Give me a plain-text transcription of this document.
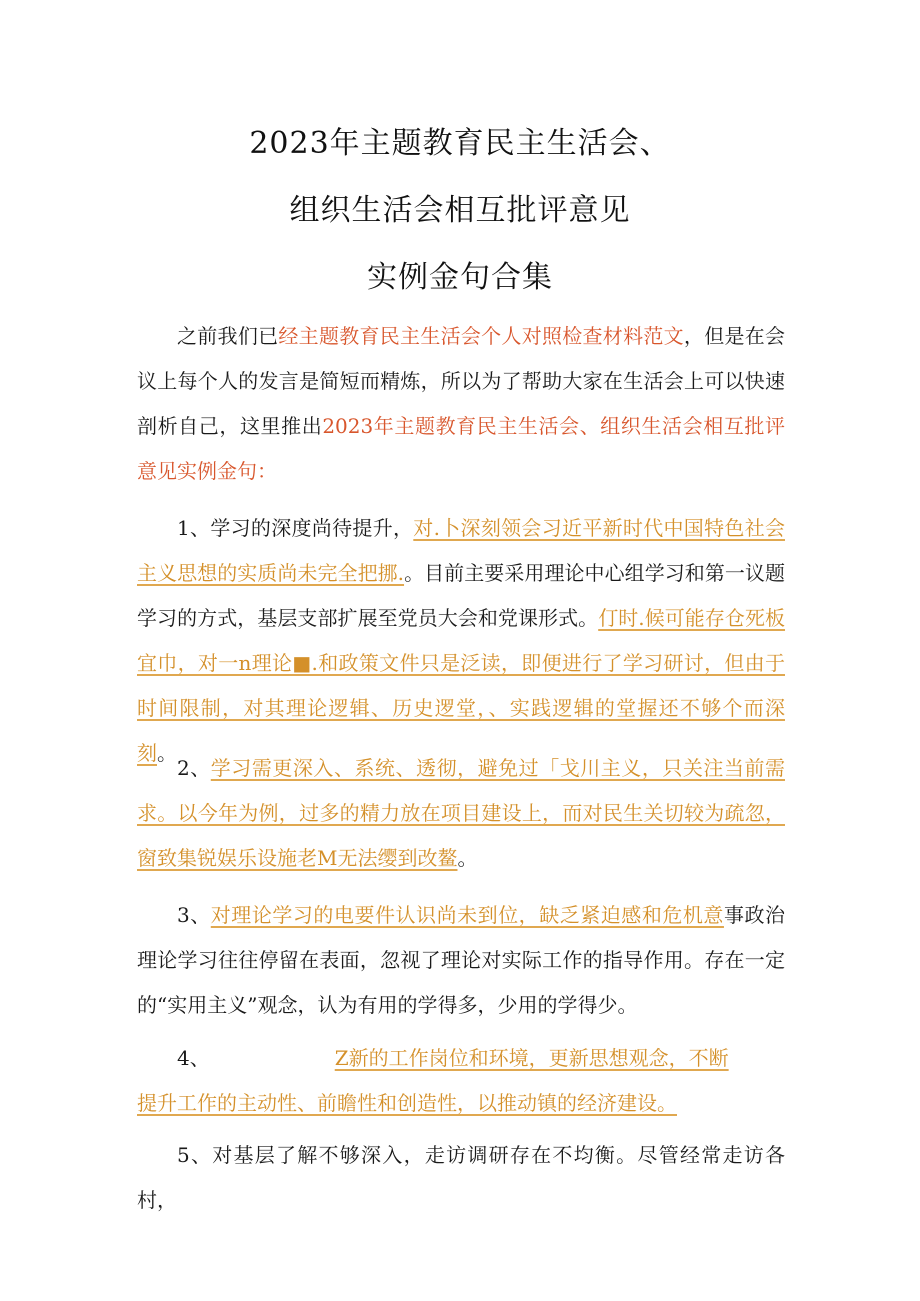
2023年主题教育民主生活会、
组织生活会相互批评意见
实例金句合集

之前我们已经主题教育民主生活会个人对照检查材料范文，但是在会议上每个人的发言是简短而精炼，所以为了帮助大家在生活会上可以快速剖析自己，这里推出2023年主题教育民主生活会、组织生活会相互批评意见实例金句：

1、学习的深度尚待提升，对.卜深刻领会习近平新时代中国特色社会主义思想的实质尚未完全把挪.。目前主要采用理论中心组学习和第一议题学习的方式，基层支部扩展至党员大会和党课形式。仃时.候可能存仓死板宜巾，对一n理论■.和政策文件只是泛读，即便进行了学习研讨，但由于时间限制，对其理论逻辑、历史逻堂，、实践逻辑的堂握还不够个而深刻。

2、学习需更深入、系统、透彻，避免过「戈川主义，只关注当前需求。以今年为例，过多的精力放在项目建设上，而对民生关切较为疏忽，窗致集锐娱乐设施老M无法缨到改鳌。

3、对理论学习的电要件认识尚未到位，缺乏紧迫感和危机意事政治理论学习往往停留在表面，忽视了理论对实际工作的指导作用。存在一定的“实用主义”观念，认为有用的学得多，少用的学得少。

4、	Z新的工作岗位和环境，更新思想观念，不断

提升工作的主动性、前瞻性和创造性，以推动镇的经济建设。

5、对基层了解不够深入，走访调研存在不均衡。尽管经常走访各村，
